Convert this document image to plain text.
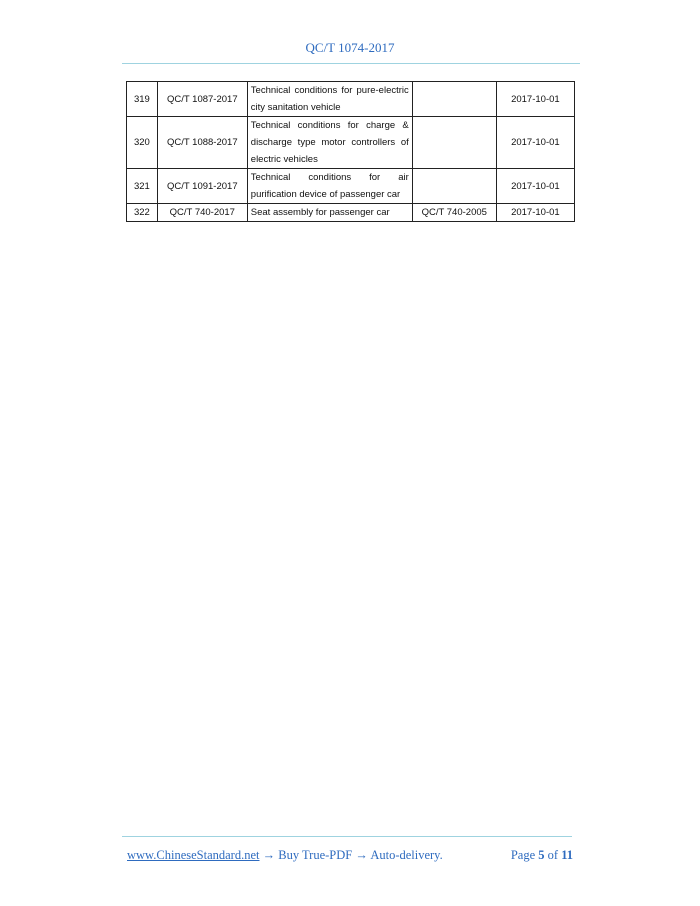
QC/T 1074-2017
319	QC/T 1087-2017	Technical conditions for pure-electric city sanitation vehicle		2017-10-01
320	QC/T 1088-2017	Technical conditions for charge & discharge type motor controllers of electric vehicles		2017-10-01
321	QC/T 1091-2017	Technical conditions for air purification device of passenger car		2017-10-01
322	QC/T 740-2017	Seat assembly for passenger car	QC/T 740-2005	2017-10-01
www.ChineseStandard.net → Buy True-PDF → Auto-delivery.	Page 5 of 11
